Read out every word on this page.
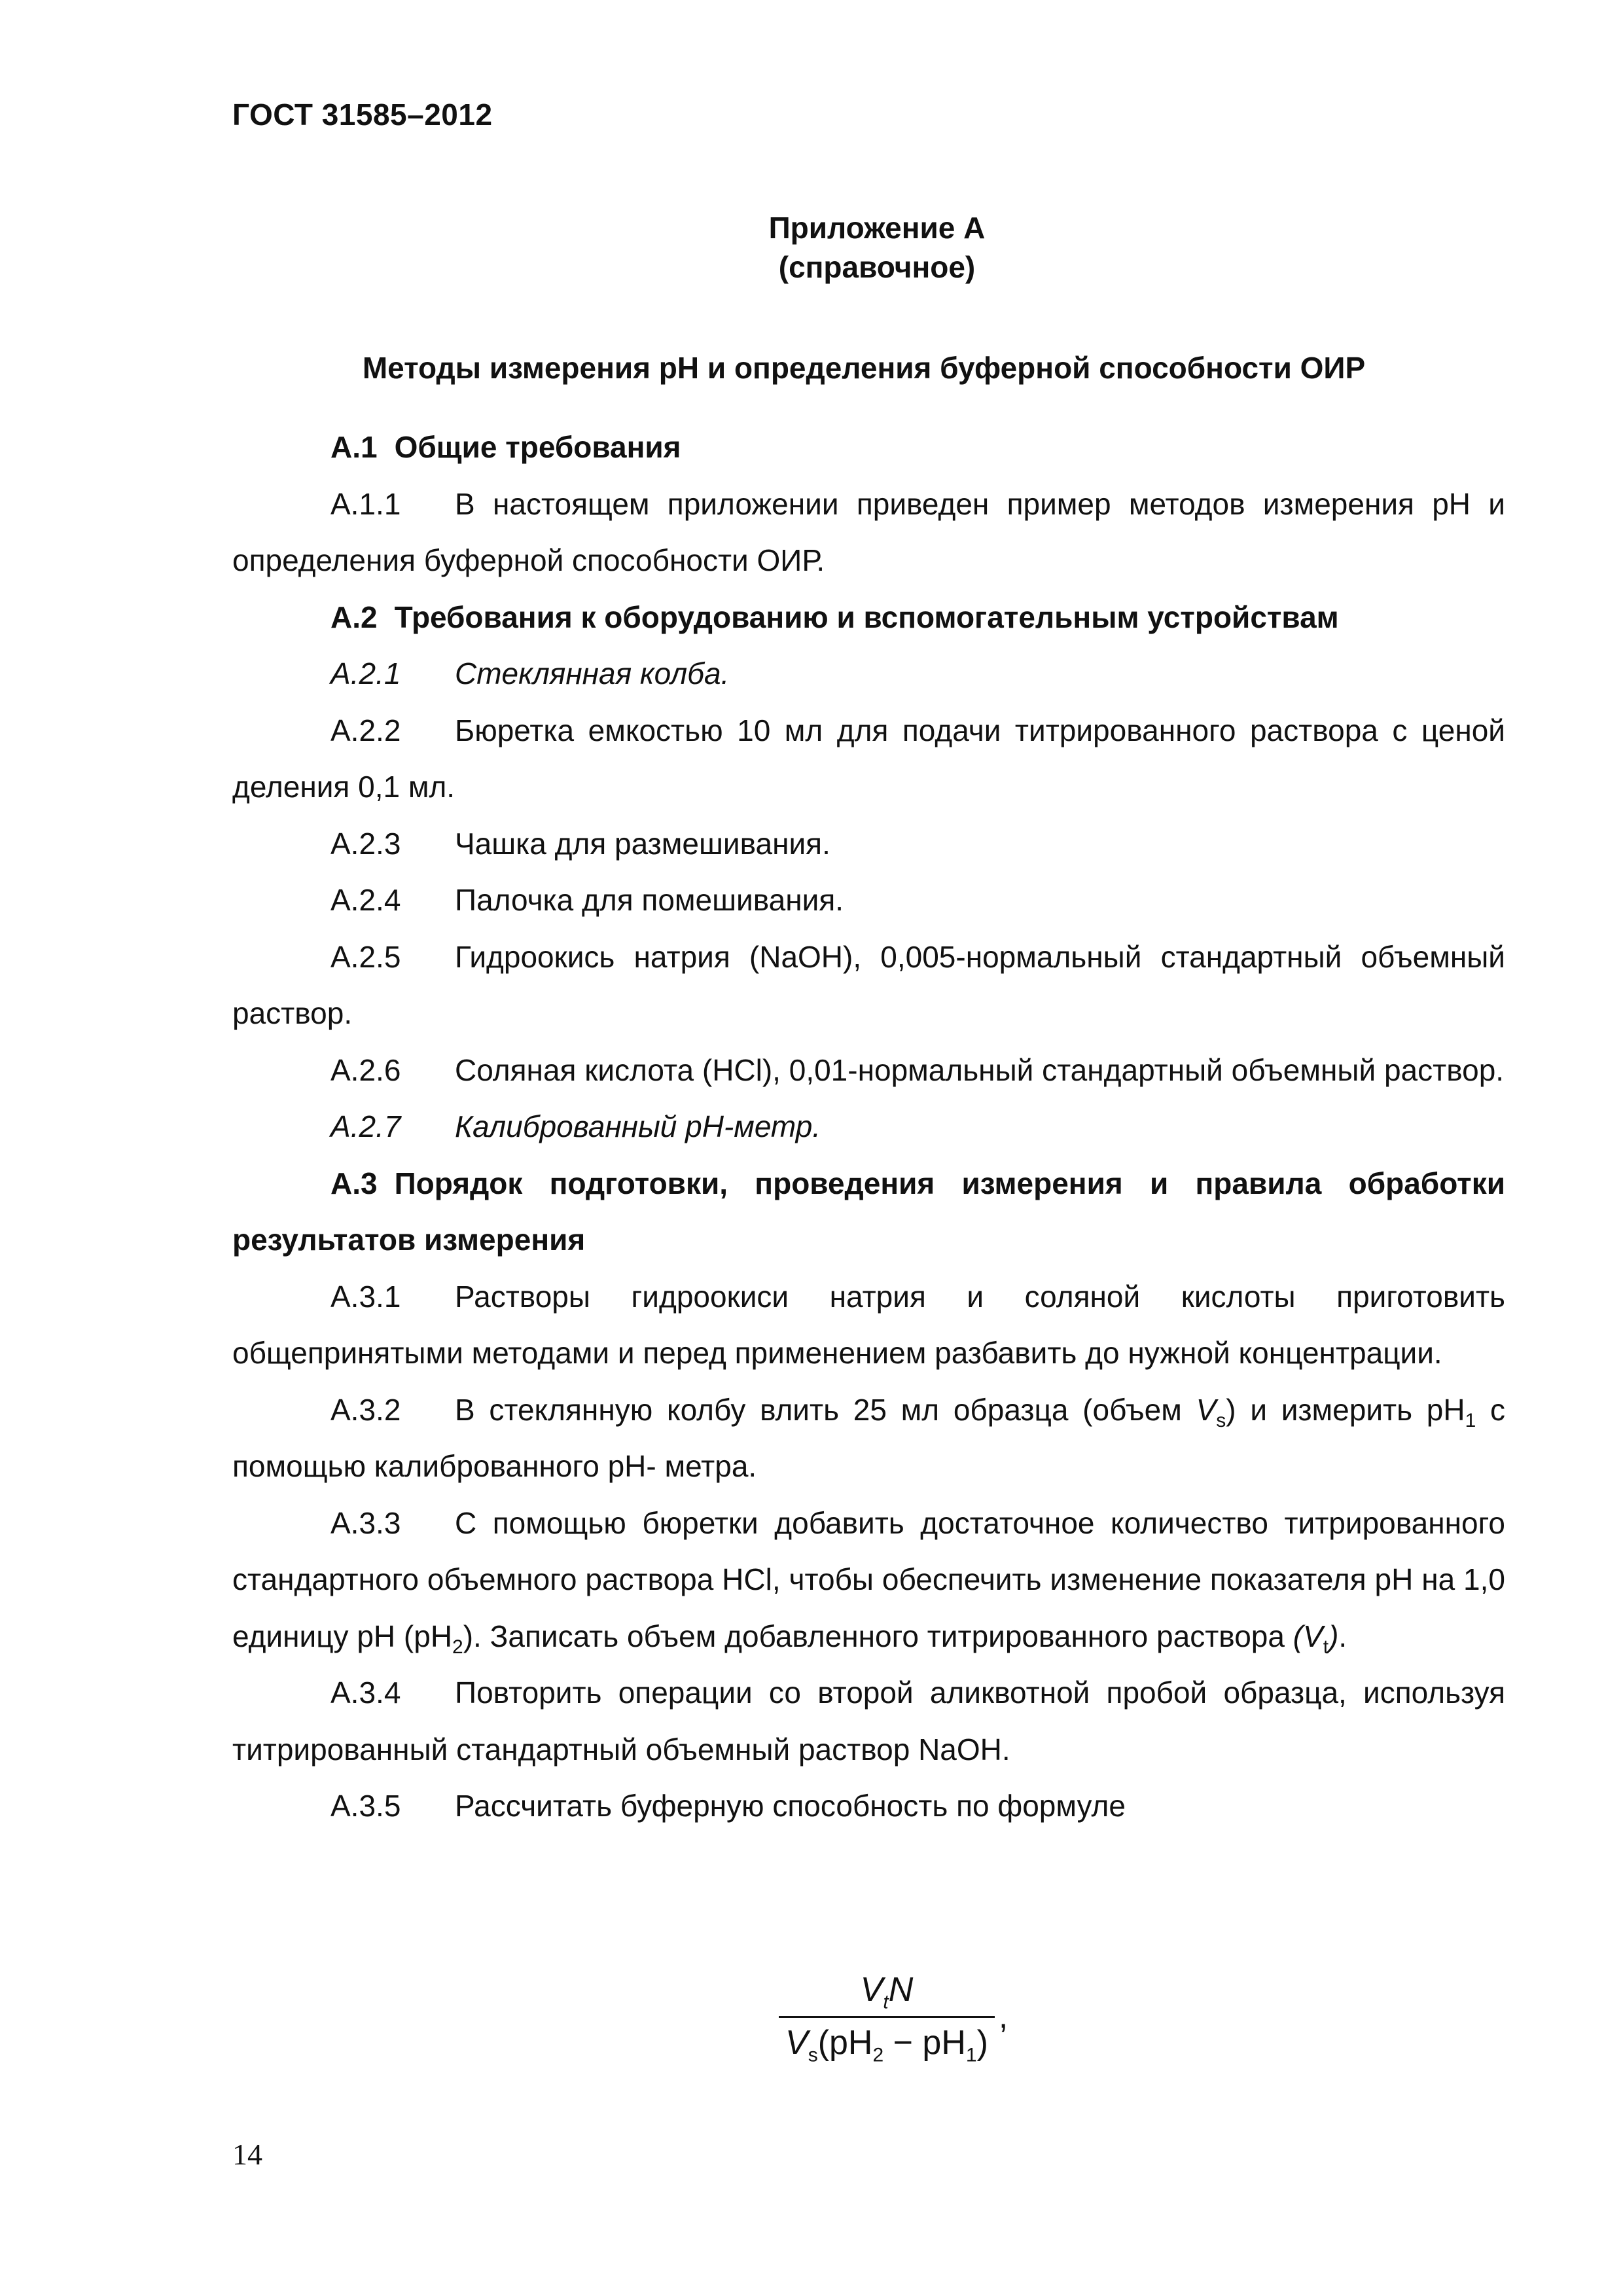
ГОСТ 31585–2012
Приложение А
(справочное)
Методы измерения рН и определения буферной способности ОИР

А.1 Общие требования

А.1.1 В настоящем приложении приведен пример методов измерения рН и определения буферной способности ОИР.

А.2 Требования к оборудованию и вспомогательным устройствам

А.2.1 Стеклянная колба.

А.2.2 Бюретка емкостью 10 мл для подачи титрированного раствора с ценой деления 0,1 мл.

А.2.3 Чашка для размешивания.

А.2.4 Палочка для помешивания.

А.2.5 Гидроокись натрия (NaOH), 0,005-нормальный стандартный объемный раствор.

А.2.6 Соляная кислота (HCl), 0,01-нормальный стандартный объемный раствор.

А.2.7 Калиброванный рН-метр.

А.3 Порядок подготовки, проведения измерения и правила обработки результатов измерения

А.3.1 Растворы гидроокиси натрия и соляной кислоты приготовить общепринятыми методами и перед применением разбавить до нужной концентрации.

А.3.2 В стеклянную колбу влить 25 мл образца (объем $V_s$) и измерить $рН_1$ с помощью калиброванного рН- метра.

А.3.3 С помощью бюретки добавить достаточное количество титрированного стандартного объемного раствора HCl, чтобы обеспечить изменение показателя рН на 1,0 единицу рН $(рН_2)$. Записать объем добавленного титрированного раствора $(V_t)$.

А.3.4 Повторить операции со второй аликвотной пробой образца, используя титрированный стандартный объемный раствор NaOH.

А.3.5 Рассчитать буферную способность по формуле

$\frac{V_tN}{V_s(pH_2 - pH_1)}$ ,
14
